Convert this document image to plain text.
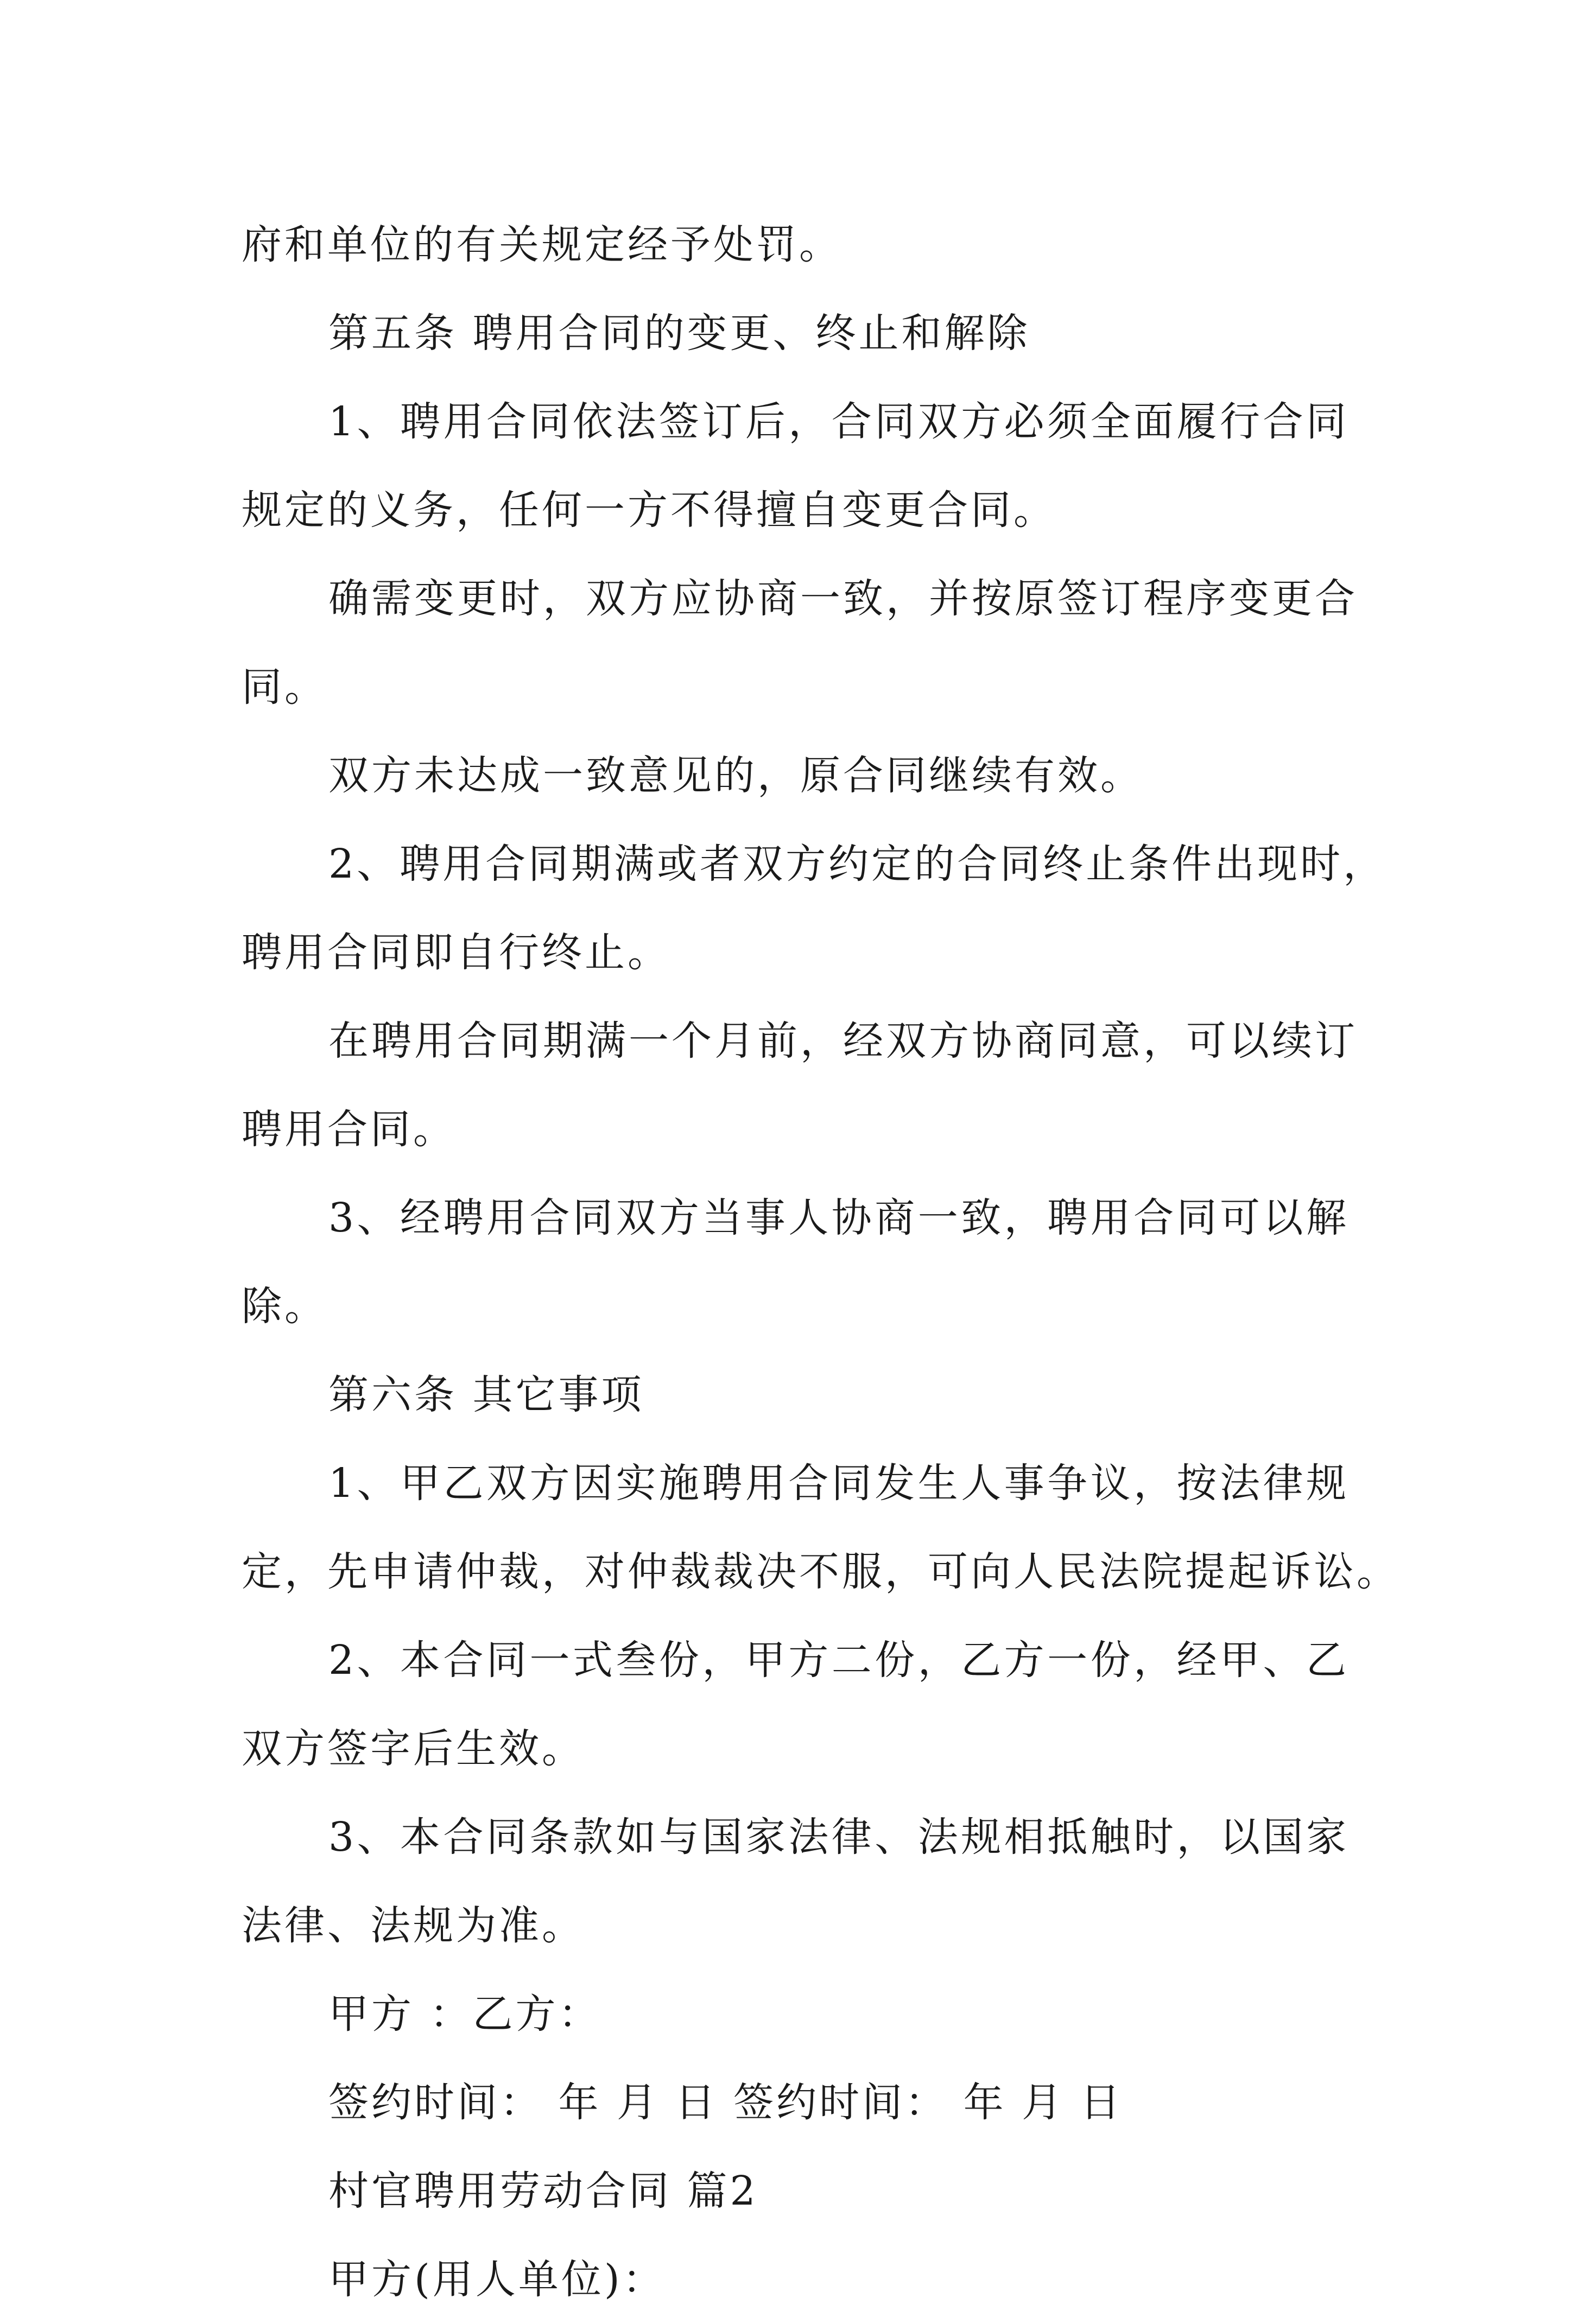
府和单位的有关规定经予处罚。
第五条 聘用合同的变更、终止和解除
1、聘用合同依法签订后，合同双方必须全面履行合同
规定的义务，任何一方不得擅自变更合同。
确需变更时，双方应协商一致，并按原签订程序变更合
同。
双方未达成一致意见的，原合同继续有效。
2、聘用合同期满或者双方约定的合同终止条件出现时，
聘用合同即自行终止。
在聘用合同期满一个月前，经双方协商同意，可以续订
聘用合同。
3、经聘用合同双方当事人协商一致，聘用合同可以解
除。
第六条 其它事项
1、甲乙双方因实施聘用合同发生人事争议，按法律规
定，先申请仲裁，对仲裁裁决不服，可向人民法院提起诉讼。
2、本合同一式叁份，甲方二份，乙方一份，经甲、乙
双方签字后生效。
3、本合同条款如与国家法律、法规相抵触时，以国家
法律、法规为准。
甲方 ：乙方：
签约时间： 年 月 日 签约时间： 年 月 日
村官聘用劳动合同 篇2
甲方(用人单位)：
